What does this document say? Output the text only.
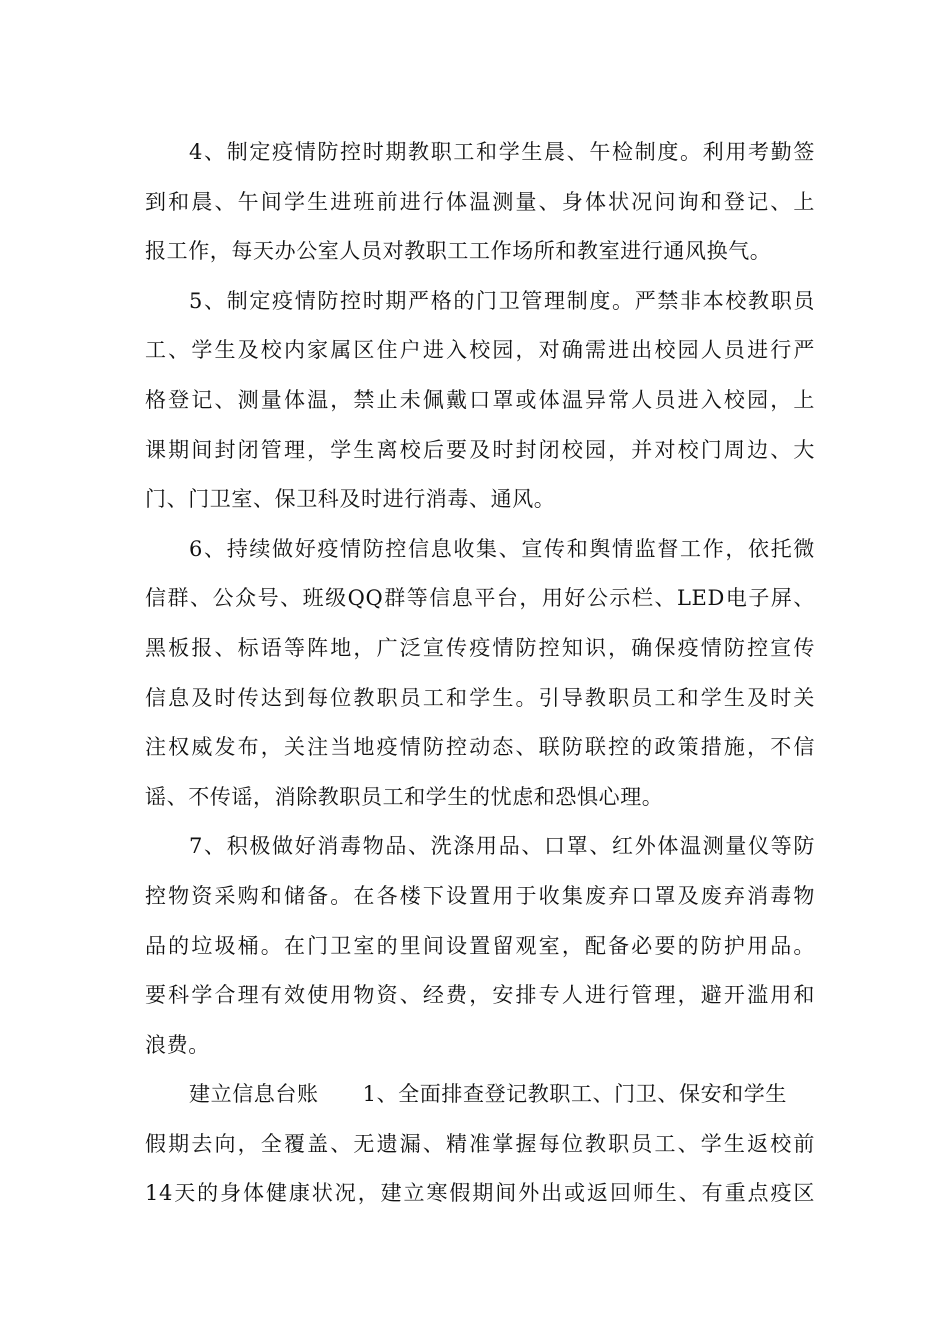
4、制定疫情防控时期教职工和学生晨、午检制度。利用考勤签
到和晨、午间学生进班前进行体温测量、身体状况问询和登记、上
报工作，每天办公室人员对教职工工作场所和教室进行通风换气。
5、制定疫情防控时期严格的门卫管理制度。严禁非本校教职员
工、学生及校内家属区住户进入校园，对确需进出校园人员进行严
格登记、测量体温，禁止未佩戴口罩或体温异常人员进入校园，上
课期间封闭管理，学生离校后要及时封闭校园，并对校门周边、大
门、门卫室、保卫科及时进行消毒、通风。
6、持续做好疫情防控信息收集、宣传和舆情监督工作，依托微
信群、公众号、班级QQ群等信息平台，用好公示栏、LED电子屏、
黑板报、标语等阵地，广泛宣传疫情防控知识，确保疫情防控宣传
信息及时传达到每位教职员工和学生。引导教职员工和学生及时关
注权威发布，关注当地疫情防控动态、联防联控的政策措施，不信
谣、不传谣，消除教职员工和学生的忧虑和恐惧心理。
7、积极做好消毒物品、洗涤用品、口罩、红外体温测量仪等防
控物资采购和储备。在各楼下设置用于收集废弃口罩及废弃消毒物
品的垃圾桶。在门卫室的里间设置留观室，配备必要的防护用品。
要科学合理有效使用物资、经费，安排专人进行管理，避开滥用和
浪费。
建立信息台账 1、全面排查登记教职工、门卫、保安和学生
假期去向，全覆盖、无遗漏、精准掌握每位教职员工、学生返校前
14天的身体健康状况，建立寒假期间外出或返回师生、有重点疫区
